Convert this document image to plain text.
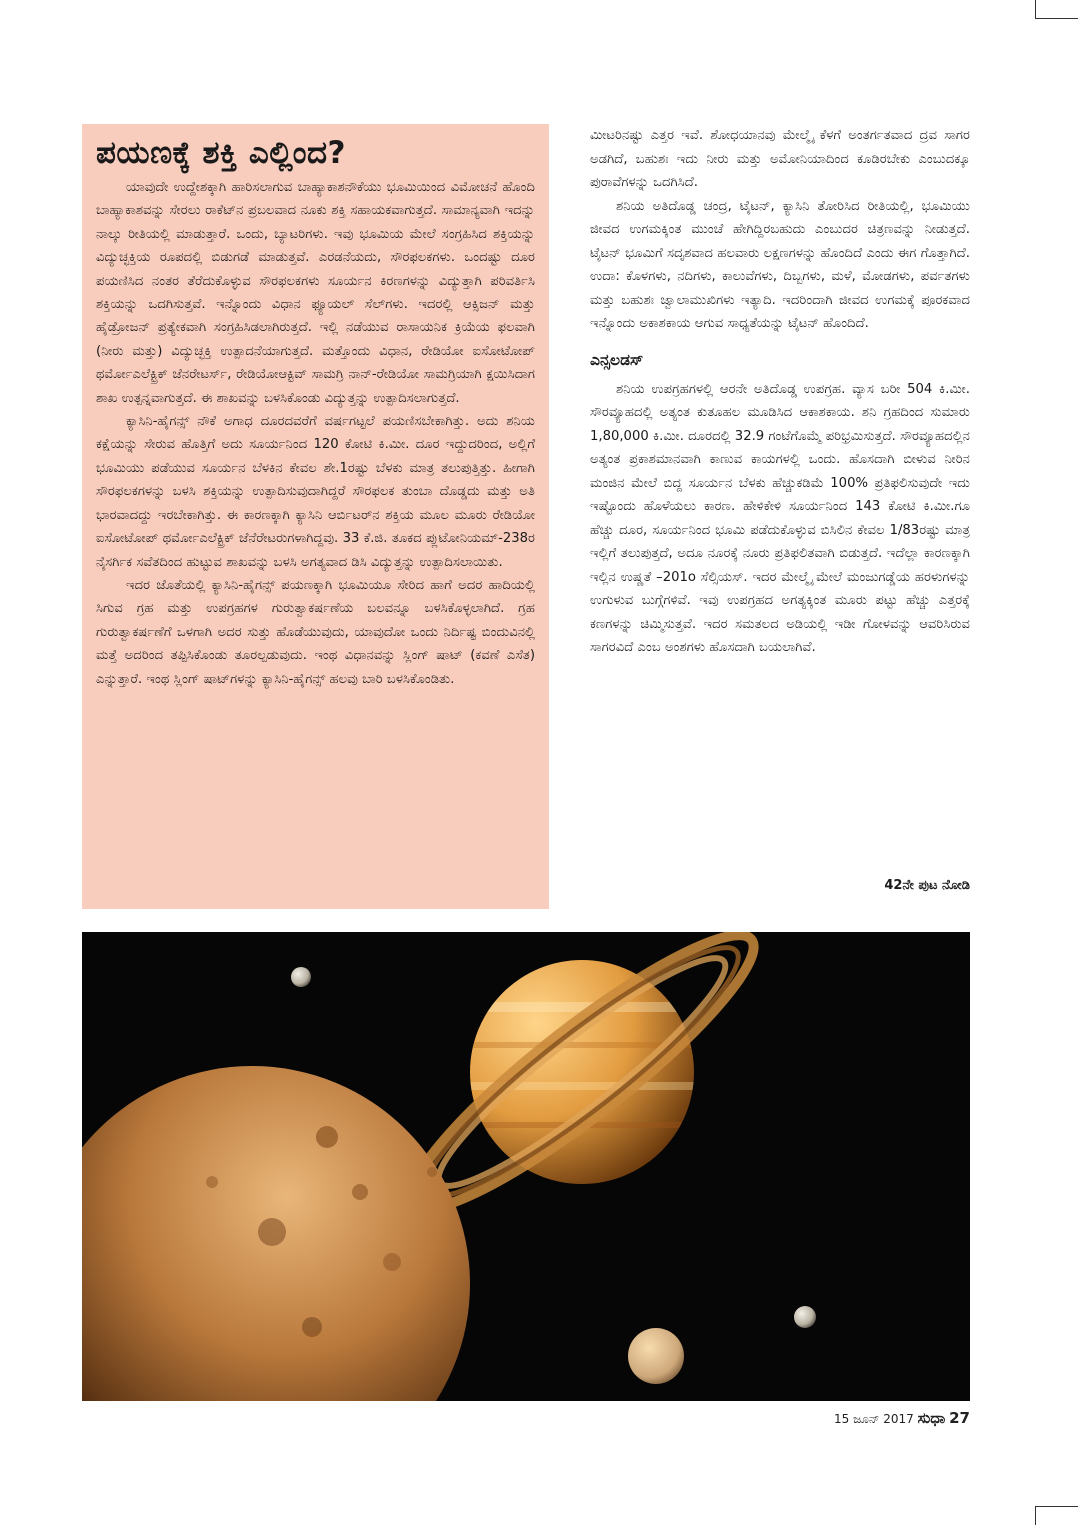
ಪಯಣಕ್ಕೆ ಶಕ್ತಿ ಎಲ್ಲಿಂದ?

ಯಾವುದೇ ಉದ್ದೇಶಕ್ಕಾಗಿ ಹಾರಿಸಲಾಗುವ ಬಾಹ್ಯಾಕಾಶನೌಕೆಯು ಭೂಮಿಯಿಂದ ವಿಮೋಚನೆ ಹೊಂದಿ ಬಾಹ್ಯಾಕಾಶವನ್ನು ಸೇರಲು ರಾಕೆಟ್‌ನ ಪ್ರಬಲವಾದ ನೂಕು ಶಕ್ತಿ ಸಹಾಯಕವಾಗುತ್ತದೆ. ಸಾಮಾನ್ಯವಾಗಿ ಇದನ್ನು ನಾಲ್ಕು ರೀತಿಯಲ್ಲಿ ಮಾಡುತ್ತಾರೆ. ಒಂದು, ಬ್ಯಾಟರಿಗಳು. ಇವು ಭೂಮಿಯ ಮೇಲೆ ಸಂಗ್ರಹಿಸಿದ ಶಕ್ತಿಯನ್ನು ವಿದ್ಯುಚ್ಛಕ್ತಿಯ ರೂಪದಲ್ಲಿ ಬಿಡುಗಡೆ ಮಾಡುತ್ತವೆ. ಎರಡನೆಯದು, ಸೌರಫಲಕಗಳು. ಒಂದಷ್ಟು ದೂರ ಪಯಣಿಸಿದ ನಂತರ ತೆರೆದುಕೊಳ್ಳುವ ಸೌರಫಲಕಗಳು ಸೂರ್ಯನ ಕಿರಣಗಳನ್ನು ವಿದ್ಯುತ್ತಾಗಿ ಪರಿವರ್ತಿಸಿ ಶಕ್ತಿಯನ್ನು ಒದಗಿಸುತ್ತವೆ. ಇನ್ನೊಂದು ವಿಧಾನ ಫ್ಯೂಯಲ್ ಸೆಲ್‌ಗಳು. ಇದರಲ್ಲಿ ಆಕ್ಸಿಜನ್ ಮತ್ತು ಹೈಡ್ರೋಜನ್ ಪ್ರತ್ಯೇಕವಾಗಿ ಸಂಗ್ರಹಿಸಿಡಲಾಗಿರುತ್ತದೆ. ಇಲ್ಲಿ ನಡೆಯುವ ರಾಸಾಯನಿಕ ಕ್ರಿಯೆಯ ಫಲವಾಗಿ (ನೀರು ಮತ್ತು) ವಿದ್ಯುಚ್ಛಕ್ತಿ ಉತ್ಪಾದನೆಯಾಗುತ್ತದೆ. ಮತ್ತೊಂದು ವಿಧಾನ, ರೇಡಿಯೋ ಐಸೋಟೋಪ್ ಥರ್ಮೋಎಲೆಕ್ಟ್ರಿಕ್ ಜೆನರೇಟರ್ಸ್, ರೇಡಿಯೋಆಕ್ಟಿವ್ ಸಾಮಗ್ರಿ ನಾನ್-ರೇಡಿಯೋ ಸಾಮಗ್ರಿಯಾಗಿ ಕ್ಷಯಿಸಿದಾಗ ಶಾಖ ಉತ್ಪನ್ನವಾಗುತ್ತದೆ. ಈ ಶಾಖವನ್ನು ಬಳಸಿಕೊಂಡು ವಿದ್ಯುತ್ತನ್ನು ಉತ್ಪಾದಿಸಲಾಗುತ್ತದೆ.

ಕ್ಯಾಸಿನಿ-ಹೈಗನ್ಸ್ ನೌಕೆ ಅಗಾಧ ದೂರದವರೆಗೆ ವರ್ಷಗಟ್ಟಲೆ ಪಯಣಿಸಬೇಕಾಗಿತ್ತು. ಅದು ಶನಿಯ ಕಕ್ಷೆಯನ್ನು ಸೇರುವ ಹೊತ್ತಿಗೆ ಅದು ಸೂರ್ಯನಿಂದ 120 ಕೋಟಿ ಕಿ.ಮೀ. ದೂರ ಇದ್ದುದರಿಂದ, ಅಲ್ಲಿಗೆ ಭೂಮಿಯು ಪಡೆಯುವ ಸೂರ್ಯನ ಬೆಳಕಿನ ಕೇವಲ ಶೇ.1ರಷ್ಟು ಬೆಳಕು ಮಾತ್ರ ತಲುಪುತ್ತಿತ್ತು. ಹೀಗಾಗಿ ಸೌರಫಲಕಗಳನ್ನು ಬಳಸಿ ಶಕ್ತಿಯನ್ನು ಉತ್ಪಾದಿಸುವುದಾಗಿದ್ದರೆ ಸೌರಫಲಕ ತುಂಬಾ ದೊಡ್ಡದು ಮತ್ತು ಅತಿ ಭಾರವಾದದ್ದು ಇರಬೇಕಾಗಿತ್ತು. ಈ ಕಾರಣಕ್ಕಾಗಿ ಕ್ಯಾಸಿನಿ ಆರ್ಬಿಟರ್‌ನ ಶಕ್ತಿಯ ಮೂಲ ಮೂರು ರೇಡಿಯೋ ಐಸೋಟೋಪ್ ಥರ್ಮೋಎಲೆಕ್ಟ್ರಿಕ್ ಜೆನೆರೇಟರುಗಳಾಗಿದ್ದವು. 33 ಕೆ.ಜಿ. ತೂಕದ ಪ್ಲುಟೋನಿಯಮ್-238ರ ನೈಸರ್ಗಿಕ ಸವೆತದಿಂದ ಹುಟ್ಟುವ ಶಾಖವನ್ನು ಬಳಸಿ ಅಗತ್ಯವಾದ ಡಿಸಿ ವಿದ್ಯುತ್ತನ್ನು ಉತ್ಪಾದಿಸಲಾಯಿತು.

ಇದರ ಜೊತೆಯಲ್ಲಿ ಕ್ಯಾಸಿನಿ-ಹೈಗನ್ಸ್ ಪಯಣಕ್ಕಾಗಿ ಭೂಮಿಯೂ ಸೇರಿದ ಹಾಗೆ ಅದರ ಹಾದಿಯಲ್ಲಿ ಸಿಗುವ ಗ್ರಹ ಮತ್ತು ಉಪಗ್ರಹಗಳ ಗುರುತ್ವಾಕರ್ಷಣೆಯ ಬಲವನ್ನೂ ಬಳಸಿಕೊಳ್ಳಲಾಗಿದೆ. ಗ್ರಹ ಗುರುತ್ವಾಕರ್ಷಣೆಗೆ ಒಳಗಾಗಿ ಅದರ ಸುತ್ತು ಹೊಡೆಯುವುದು, ಯಾವುದೋ ಒಂದು ನಿರ್ದಿಷ್ಟ ಬಿಂದುವಿನಲ್ಲಿ ಮತ್ತೆ ಅದರಿಂದ ತಪ್ಪಿಸಿಕೊಂಡು ತೂರಲ್ಪಡುವುದು. ಇಂಥ ವಿಧಾನವನ್ನು ಸ್ಲಿಂಗ್ ಷಾಟ್ (ಕವಣೆ ಎಸೆತ) ಎನ್ನುತ್ತಾರೆ. ಇಂಥ ಸ್ಲಿಂಗ್ ಷಾಟ್‌ಗಳನ್ನು ಕ್ಯಾಸಿನಿ-ಹೈಗನ್ಸ್ ಹಲವು ಬಾರಿ ಬಳಸಿಕೊಂಡಿತು.

ಮೀಟರಿನಷ್ಟು ಎತ್ತರ ಇವೆ. ಶೋಧಯಾನವು ಮೇಲ್ಮೈ ಕೆಳಗೆ ಅಂತರ್ಗತವಾದ ದ್ರವ ಸಾಗರ ಅಡಗಿದೆ, ಬಹುಶಃ ಇದು ನೀರು ಮತ್ತು ಅಮೋನಿಯಾದಿಂದ ಕೂಡಿರಬೇಕು ಎಂಬುದಕ್ಕೂ ಪುರಾವೆಗಳನ್ನು ಒದಗಿಸಿದೆ.

ಶನಿಯ ಅತಿದೊಡ್ಡ ಚಂದ್ರ, ಟೈಟನ್, ಕ್ಯಾಸಿನಿ ತೋರಿಸಿದ ರೀತಿಯಲ್ಲಿ, ಭೂಮಿಯು ಜೀವದ ಉಗಮಕ್ಕಿಂತ ಮುಂಚೆ ಹೇಗಿದ್ದಿರಬಹುದು ಎಂಬುದರ ಚಿತ್ರಣವನ್ನು ನೀಡುತ್ತದೆ. ಟೈಟನ್ ಭೂಮಿಗೆ ಸದೃಶವಾದ ಹಲವಾರು ಲಕ್ಷಣಗಳನ್ನು ಹೊಂದಿದೆ ಎಂದು ಈಗ ಗೊತ್ತಾಗಿದೆ. ಉದಾ: ಕೊಳಗಳು, ನದಿಗಳು, ಕಾಲುವೆಗಳು, ದಿಬ್ಬಗಳು, ಮಳೆ, ಮೋಡಗಳು, ಪರ್ವತಗಳು ಮತ್ತು ಬಹುಶಃ ಜ್ವಾಲಾಮುಖಿಗಳು ಇತ್ಯಾದಿ. ಇದರಿಂದಾಗಿ ಜೀವದ ಉಗಮಕ್ಕೆ ಪೂರಕವಾದ ಇನ್ನೊಂದು ಅಕಾಶಕಾಯ ಆಗುವ ಸಾಧ್ಯತೆಯನ್ನು ಟೈಟನ್ ಹೊಂದಿದೆ.

ಎನ್ಸಲಡಸ್

ಶನಿಯ ಉಪಗ್ರಹಗಳಲ್ಲಿ ಆರನೇ ಅತಿದೊಡ್ಡ ಉಪಗ್ರಹ. ವ್ಯಾಸ ಬರೀ 504 ಕಿ.ಮೀ. ಸೌರವ್ಯೂಹದಲ್ಲಿ ಅತ್ಯಂತ ಕುತೂಹಲ ಮೂಡಿಸಿದ ಆಕಾಶಕಾಯ. ಶನಿ ಗ್ರಹದಿಂದ ಸುಮಾರು 1,80,000 ಕಿ.ಮೀ. ದೂರದಲ್ಲಿ 32.9 ಗಂಟೆಗೊಮ್ಮೆ ಪರಿಭ್ರಮಿಸುತ್ತದೆ. ಸೌರವ್ಯೂಹದಲ್ಲಿನ ಅತ್ಯಂತ ಪ್ರಕಾಶಮಾನವಾಗಿ ಕಾಣುವ ಕಾಯಗಳಲ್ಲಿ ಒಂದು. ಹೊಸದಾಗಿ ಬೀಳುವ ನೀರಿನ ಮಂಜಿನ ಮೇಲೆ ಬಿದ್ದ ಸೂರ್ಯನ ಬೆಳಕು ಹೆಚ್ಚುಕಡಿಮೆ 100% ಪ್ರತಿಫಲಿಸುವುದೇ ಇದು ಇಷ್ಟೊಂದು ಹೊಳೆಯಲು ಕಾರಣ. ಹೇಳಿಕೇಳಿ ಸೂರ್ಯನಿಂದ 143 ಕೋಟಿ ಕಿ.ಮೀ.ಗೂ ಹೆಚ್ಚು ದೂರ, ಸೂರ್ಯನಿಂದ ಭೂಮಿ ಪಡೆದುಕೊಳ್ಳುವ ಬಿಸಿಲಿನ ಕೇವಲ 1/83ರಷ್ಟು ಮಾತ್ರ ಇಲ್ಲಿಗೆ ತಲುಪುತ್ತದೆ, ಅದೂ ನೂರಕ್ಕೆ ನೂರು ಪ್ರತಿಫಲಿತವಾಗಿ ಬಿಡುತ್ತದೆ. ಇದೆಲ್ಲಾ ಕಾರಣಕ್ಕಾಗಿ ಇಲ್ಲಿನ ಉಷ್ಣತೆ –201o ಸೆಲ್ಸಿಯಸ್. ಇದರ ಮೇಲ್ಮೈ ಮೇಲೆ ಮಂಜುಗಡ್ಡೆಯ ಹರಳುಗಳನ್ನು ಉಗುಳುವ ಬುಗ್ಗೆಗಳಿವೆ. ಇವು ಉಪಗ್ರಹದ ಅಗತ್ಯಕ್ಕಿಂತ ಮೂರು ಪಟ್ಟು ಹೆಚ್ಚು ಎತ್ತರಕ್ಕೆ ಕಣಗಳನ್ನು ಚಿಮ್ಮಿಸುತ್ತವೆ. ಇದರ ಸಮತಲದ ಅಡಿಯಲ್ಲಿ ಇಡೀ ಗೋಳವನ್ನು ಆವರಿಸಿರುವ ಸಾಗರವಿದೆ ಎಂಬ ಅಂಶಗಳು ಹೊಸದಾಗಿ ಬಯಲಾಗಿವೆ.

42ನೇ ಪುಟ ನೋಡಿ
15 ಜೂನ್ 2017 ಸುಧಾ 27
